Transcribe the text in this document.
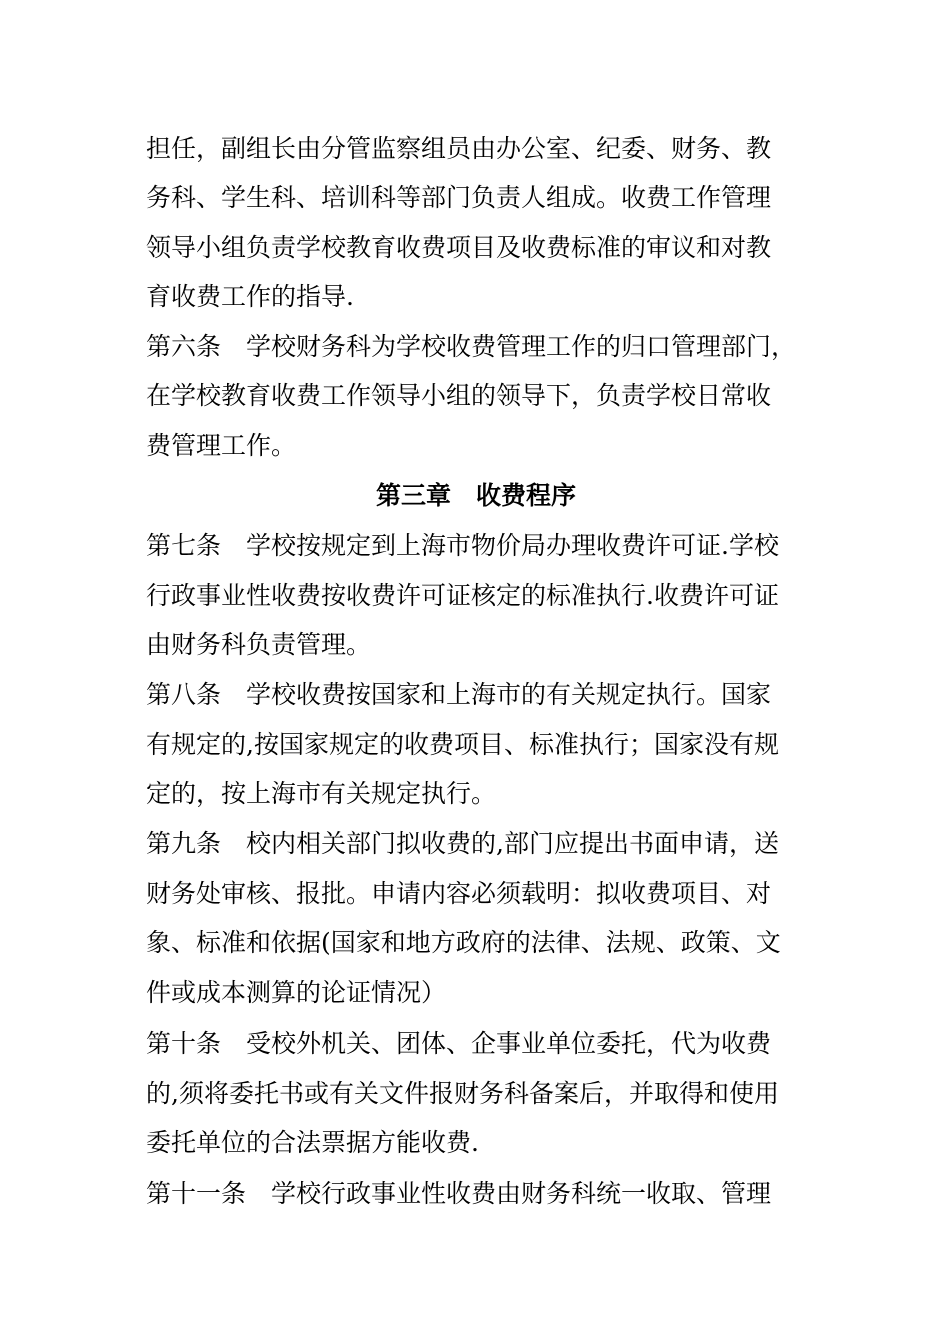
担任，副组长由分管监察组员由办公室、纪委、财务、教
务科、学生科、培训科等部门负责人组成。收费工作管理
领导小组负责学校教育收费项目及收费标准的审议和对教
育收费工作的指导.
第六条　学校财务科为学校收费管理工作的归口管理部门，
在学校教育收费工作领导小组的领导下，负责学校日常收
费管理工作。
第三章　收费程序
第七条　学校按规定到上海市物价局办理收费许可证.学校
行政事业性收费按收费许可证核定的标准执行.收费许可证
由财务科负责管理。
第八条　学校收费按国家和上海市的有关规定执行。国家
有规定的,按国家规定的收费项目、标准执行；国家没有规
定的，按上海市有关规定执行。
第九条　校内相关部门拟收费的,部门应提出书面申请，送
财务处审核、报批。申请内容必须载明：拟收费项目、对
象、标准和依据(国家和地方政府的法律、法规、政策、文
件或成本测算的论证情况）
第十条　受校外机关、团体、企事业单位委托，代为收费
的,须将委托书或有关文件报财务科备案后，并取得和使用
委托单位的合法票据方能收费.
第十一条　学校行政事业性收费由财务科统一收取、管理
